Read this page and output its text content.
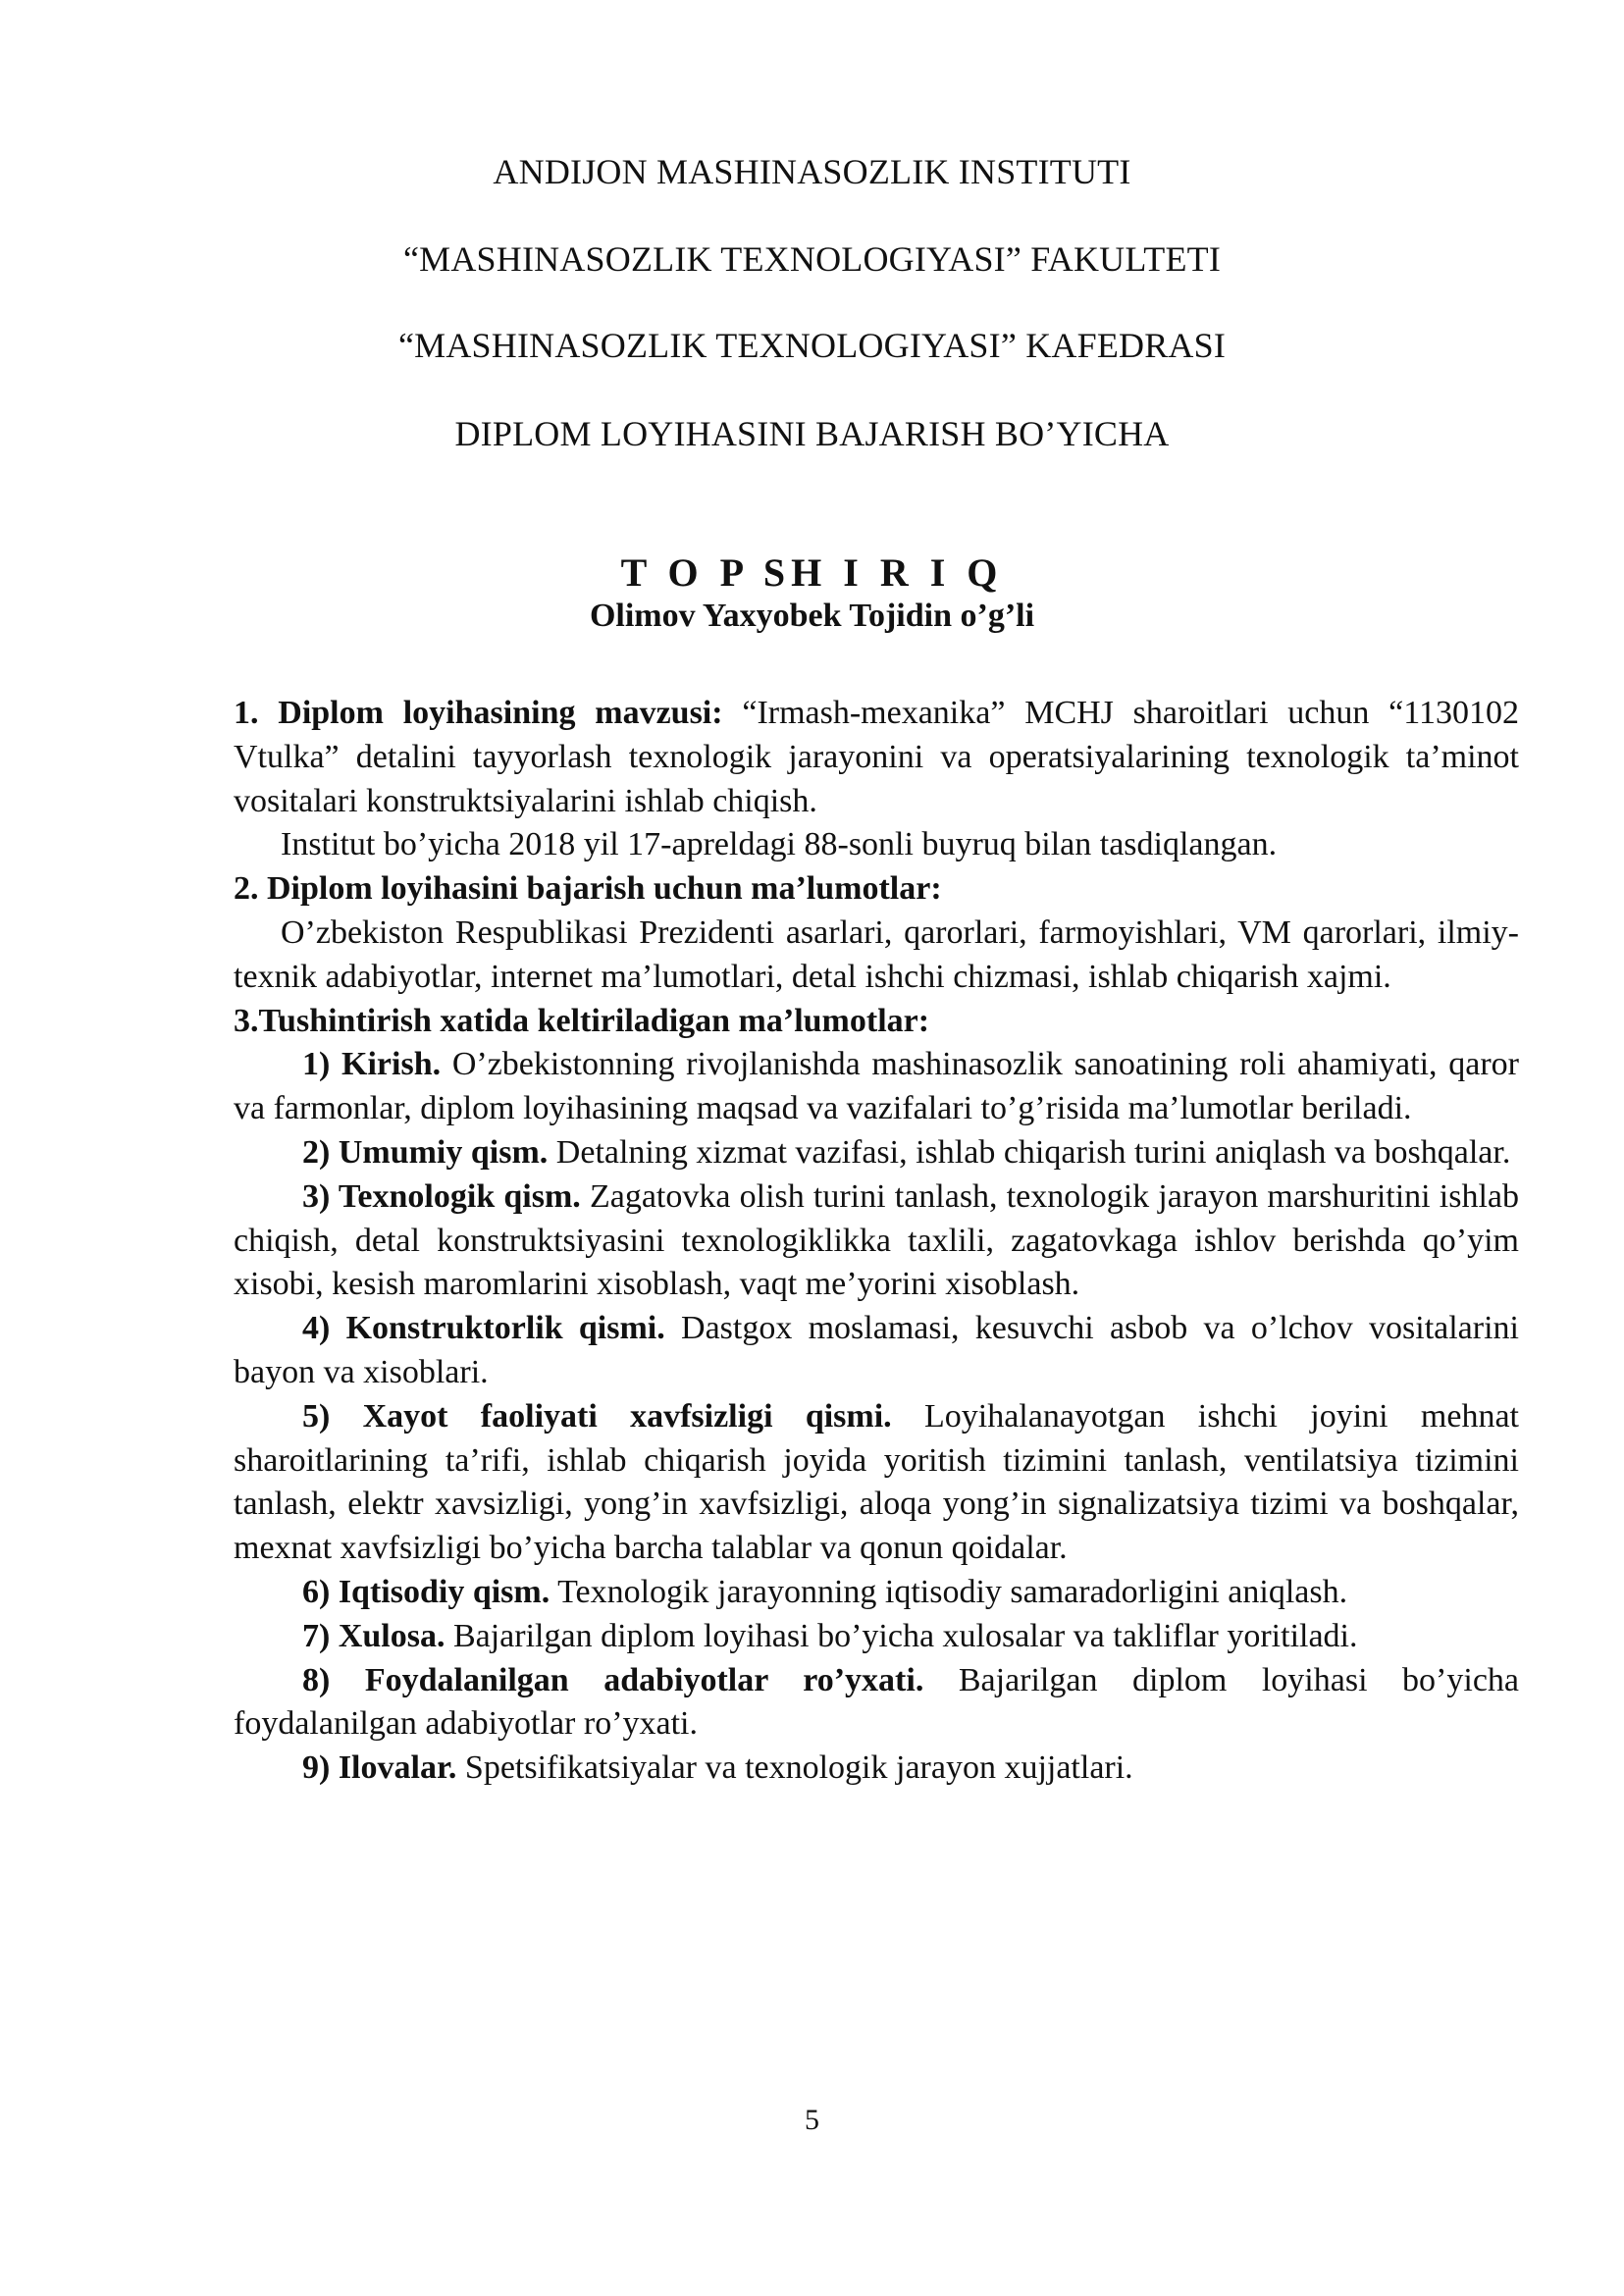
ANDIJON MASHINASOZLIK INSTITUTI
“MASHINASOZLIK TEXNOLOGIYASI” FAKULTETI
“MASHINASOZLIK TEXNOLOGIYASI” KAFEDRASI
DIPLOM LOYIHASINI BAJARISH BO’YICHA
T O P SH I R I Q
Olimov Yaxyobek Tojidin o’g’li

1. Diplom loyihasining mavzusi: “Irmash-mexanika” MCHJ sharoitlari uchun “1130102 Vtulka” detalini tayyorlash texnologik jarayonini va operatsiyalarining texnologik ta’minot vositalari konstruktsiyalarini ishlab chiqish.

Institut bo’yicha 2018 yil 17-apreldagi 88-sonli buyruq bilan tasdiqlangan.

2. Diplom loyihasini bajarish uchun ma’lumotlar:

O’zbekiston Respublikasi Prezidenti asarlari, qarorlari, farmoyishlari, VM qarorlari, ilmiy-texnik adabiyotlar, internet ma’lumotlari, detal ishchi chizmasi, ishlab chiqarish xajmi.

3.Tushintirish xatida keltiriladigan ma’lumotlar:

1) Kirish. O’zbekistonning rivojlanishda mashinasozlik sanoatining roli ahamiyati, qaror va farmonlar, diplom loyihasining maqsad va vazifalari to’g’risida ma’lumotlar beriladi.

2) Umumiy qism. Detalning xizmat vazifasi, ishlab chiqarish turini aniqlash va boshqalar.

3) Texnologik qism. Zagatovka olish turini tanlash, texnologik jarayon marshuritini ishlab chiqish, detal konstruktsiyasini texnologiklikka taxlili, zagatovkaga ishlov berishda qo’yim xisobi, kesish maromlarini xisoblash, vaqt me’yorini xisoblash.

4) Konstruktorlik qismi. Dastgox moslamasi, kesuvchi asbob va o’lchov vositalarini bayon va xisoblari.

5) Xayot faoliyati xavfsizligi qismi. Loyihalanayotgan ishchi joyini mehnat sharoitlarining ta’rifi, ishlab chiqarish joyida yoritish tizimini tanlash, ventilatsiya tizimini tanlash, elektr xavsizligi, yong’in xavfsizligi, aloqa yong’in signalizatsiya tizimi va boshqalar, mexnat xavfsizligi bo’yicha barcha talablar va qonun qoidalar.

6) Iqtisodiy qism. Texnologik jarayonning iqtisodiy samaradorligini aniqlash.

7) Xulosa. Bajarilgan diplom loyihasi bo’yicha xulosalar va takliflar yoritiladi.

8) Foydalanilgan adabiyotlar ro’yxati. Bajarilgan diplom loyihasi bo’yicha foydalanilgan adabiyotlar ro’yxati.

9) Ilovalar. Spetsifikatsiyalar va texnologik jarayon xujjatlari.

5
